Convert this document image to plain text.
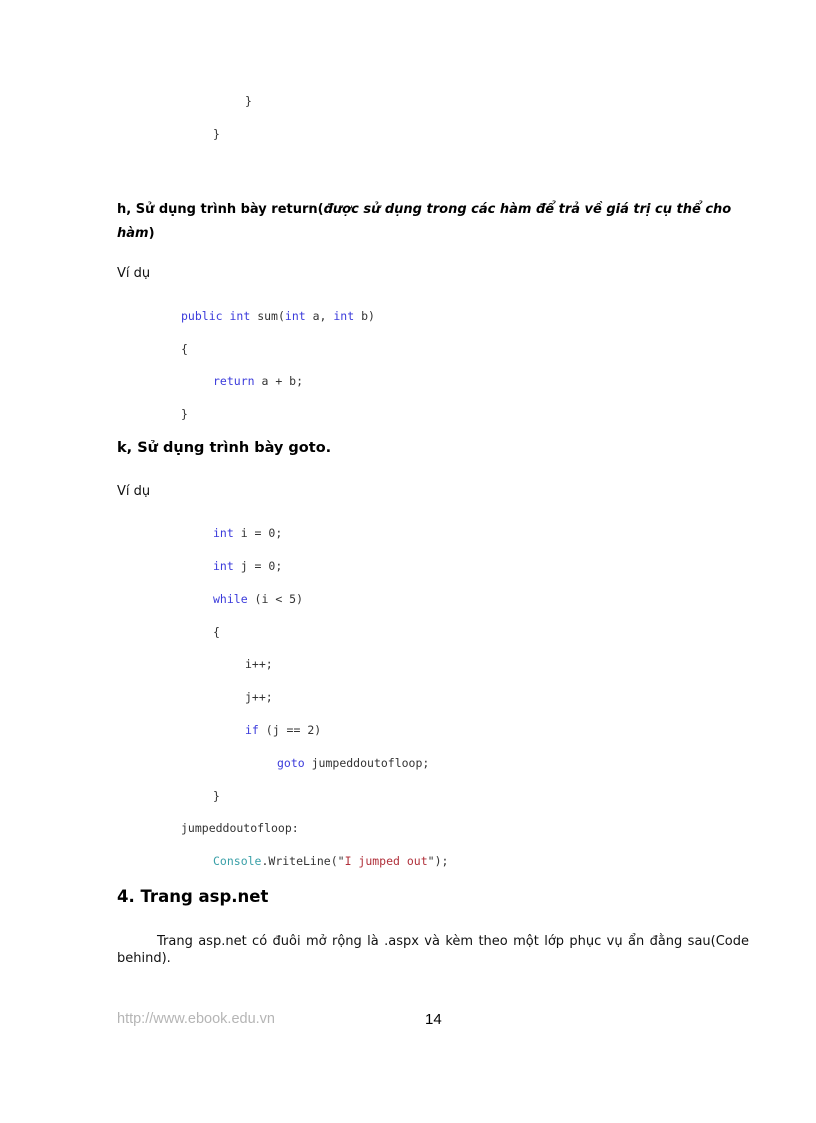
}
}
h, Sử dụng trình bày return(được sử dụng trong các hàm để trả về giá trị cụ thể cho hàm)
Ví dụ
public int sum(int a, int b)
{
return a + b;
}
k, Sử dụng trình bày goto.
Ví dụ
int i = 0;
int j = 0;
while (i < 5)
{
i++;
j++;
if (j == 2)
goto jumpeddoutofloop;
}
jumpeddoutofloop:
Console.WriteLine("I jumped out");
4. Trang asp.net
Trang asp.net có đuôi mở rộng là .aspx và kèm theo một lớp phục vụ ẩn đằng sau(Code behind).
http://www.ebook.edu.vn	14
